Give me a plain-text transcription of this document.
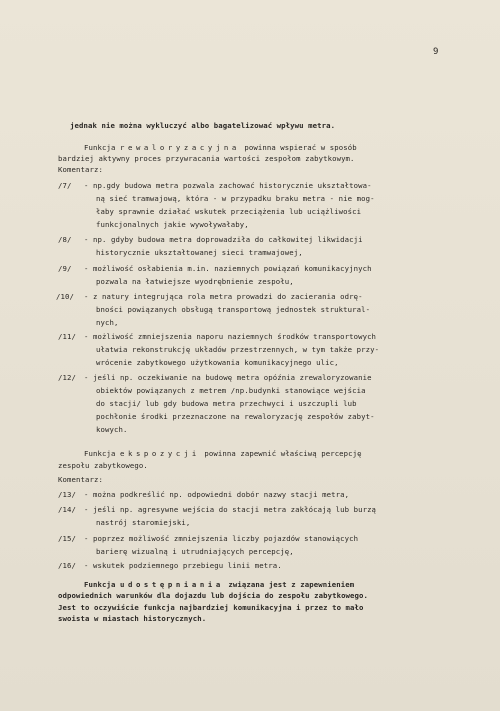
9
jednak nie można wykluczyć albo bagatelizować wpływu metra.
Funkcja rewaloryzacyjna powinna wspierać w sposób
bardziej aktywny proces przywracania wartości zespołom zabytkowym.
Komentarz:
/7/ - np.gdy budowa metra pozwala zachować historycznie ukształtowa-
ną sieć tramwajową, która - w przypadku braku metra - nie mog-
łaby sprawnie działać wskutek przeciążenia lub uciążliwości
funkcjonalnych jakie wywoływałaby,
/8/ - np. gdyby budowa metra doprowadziła do całkowitej likwidacji
historycznie ukształtowanej sieci tramwajowej,
/9/ - możliwość osłabienia m.in. naziemnych powiązań komunikacyjnych
pozwala na łatwiejsze wyodrębnienie zespołu,
/10/ - z natury integrująca rola metra prowadzi do zacierania odrę-
bności powiązanych obsługą transportową jednostek struktural-
nych,
/11/ - możliwość zmniejszenia naporu naziemnych środków transportowych
ułatwia rekonstrukcję układów przestrzennych, w tym także przy-
wrócenie zabytkowego użytkowania komunikacyjnego ulic,
/12/ - jeśli np. oczekiwanie na budowę metra opóźnia zrewaloryzowanie
obiektów powiązanych z metrem /np.budynki stanowiące wejścia
do stacji/ lub gdy budowa metra przechwyci i uszczupli lub
pochłonie środki przeznaczone na rewaloryzację zespołów zabyt-
kowych.
Funkcja ekspozycji powinna zapewnić właściwą percepcję
zespołu zabytkowego.
Komentarz:
/13/ - można podkreślić np. odpowiedni dobór nazwy stacji metra,
/14/ - jeśli np. agresywne wejścia do stacji metra zakłócają lub burzą
nastrój staromiejski,
/15/ - poprzez możliwość zmniejszenia liczby pojazdów stanowiących
barierę wizualną i utrudniających percepcję,
/16/ - wskutek podziemnego przebiegu linii metra.
Funkcja udostępniania związana jest z zapewnieniem
odpowiednich warunków dla dojazdu lub dojścia do zespołu zabytkowego.
Jest to oczywiście funkcja najbardziej komunikacyjna i przez to mało
swoista w miastach historycznych.
